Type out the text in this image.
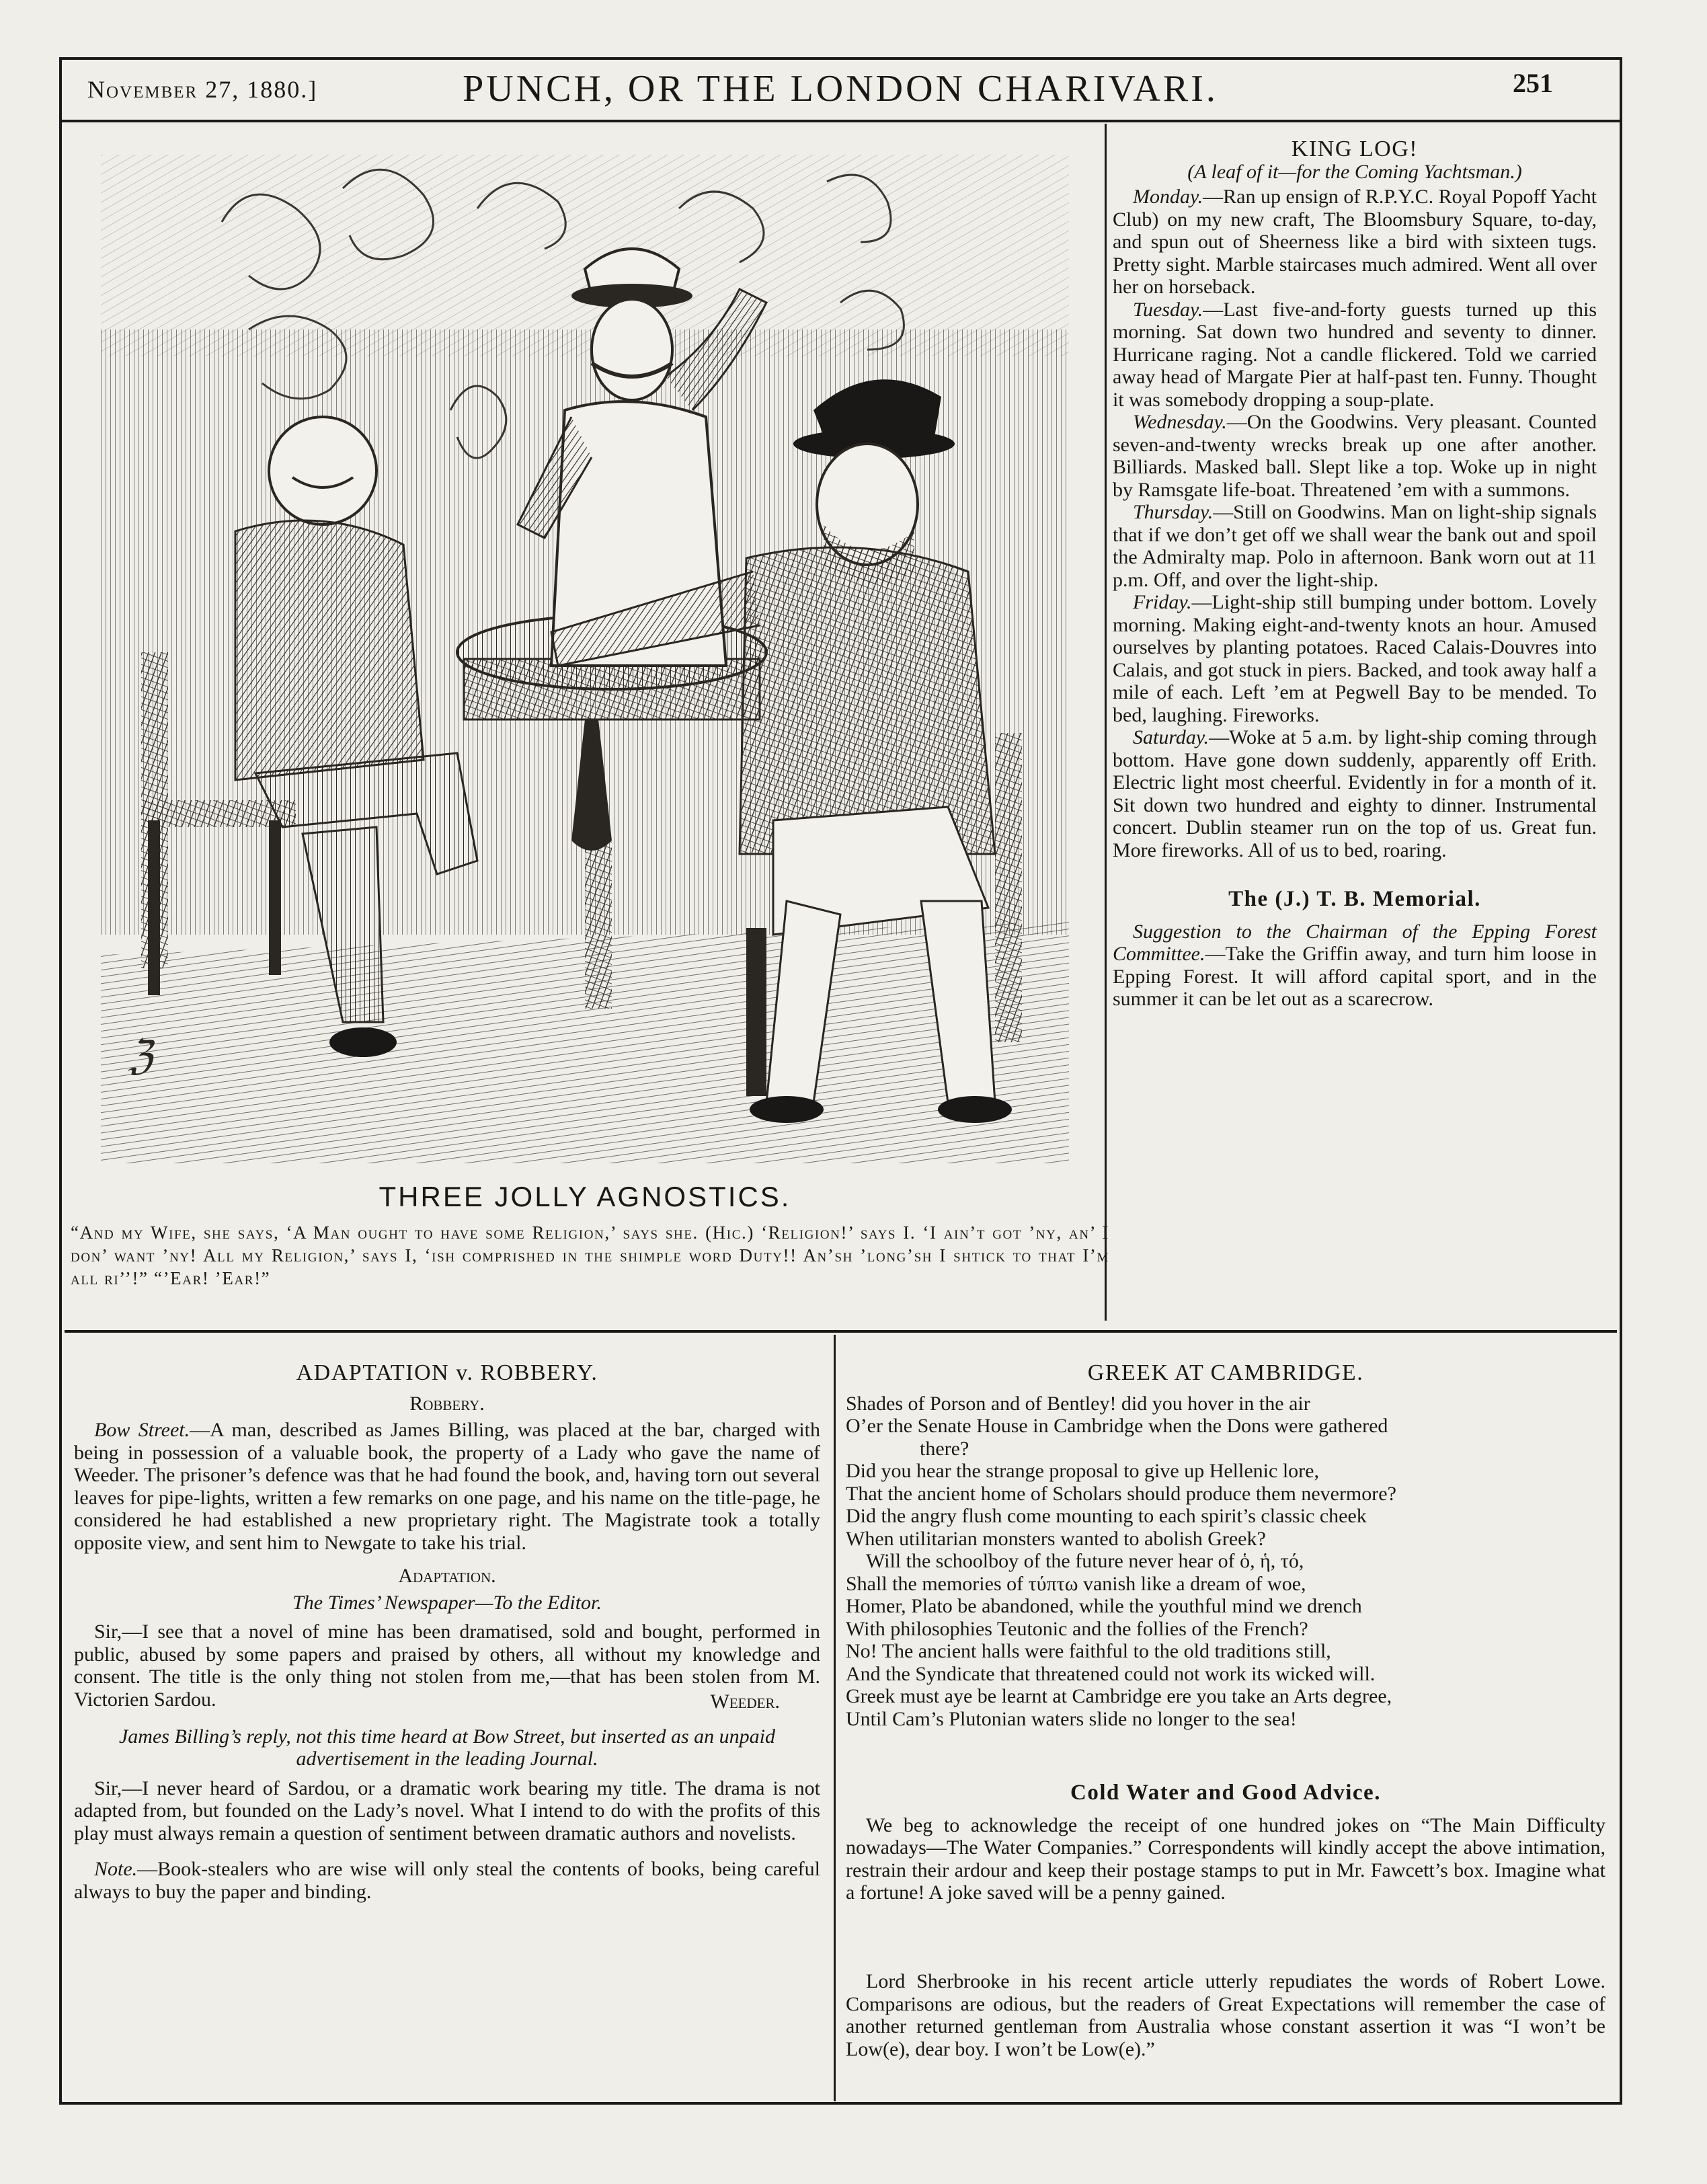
November 27, 1880.]	PUNCH, OR THE LONDON CHARIVARI.	251
ℨ
THREE JOLLY AGNOSTICS.
“And my Wife, she says, ‘A Man ought to have some Religion,’ says she. (Hic.) ‘Religion!’ says I. ‘I ain’t got ’ny, an’ I don’ want ’ny! All my Religion,’ says I, ‘ish comprished in the shimple word Duty!! An’sh ’long’sh I shtick to that I’m all ri’’!” “’Ear! ’Ear!”

KING LOG!

(A leaf of it—for the Coming Yachtsman.)

Monday.—Ran up ensign of R.P.Y.C. Royal Popoff Yacht Club) on my new craft, The Bloomsbury Square, to-day, and spun out of Sheerness like a bird with sixteen tugs. Pretty sight. Marble staircases much admired. Went all over her on horseback.

Tuesday.—Last five-and-forty guests turned up this morning. Sat down two hundred and seventy to dinner. Hurricane raging. Not a candle flickered. Told we carried away head of Margate Pier at half-past ten. Funny. Thought it was somebody dropping a soup-plate.

Wednesday.—On the Goodwins. Very pleasant. Counted seven-and-twenty wrecks break up one after another. Billiards. Masked ball. Slept like a top. Woke up in night by Ramsgate life-boat. Threatened ’em with a summons.

Thursday.—Still on Goodwins. Man on light-ship signals that if we don’t get off we shall wear the bank out and spoil the Admiralty map. Polo in afternoon. Bank worn out at 11 p.m. Off, and over the light-ship.

Friday.—Light-ship still bumping under bottom. Lovely morning. Making eight-and-twenty knots an hour. Amused ourselves by planting potatoes. Raced Calais-Douvres into Calais, and got stuck in piers. Backed, and took away half a mile of each. Left ’em at Pegwell Bay to be mended. To bed, laughing. Fireworks.

Saturday.—Woke at 5 a.m. by light-ship coming through bottom. Have gone down suddenly, apparently off Erith. Electric light most cheerful. Evidently in for a month of it. Sit down two hundred and eighty to dinner. Instrumental concert. Dublin steamer run on the top of us. Great fun. More fireworks. All of us to bed, roaring.

The (J.) T. B. Memorial.

Suggestion to the Chairman of the Epping Forest Committee.—Take the Griffin away, and turn him loose in Epping Forest. It will afford capital sport, and in the summer it can be let out as a scarecrow.

ADAPTATION v. ROBBERY.

Robbery.

Bow Street.—A man, described as James Billing, was placed at the bar, charged with being in possession of a valuable book, the property of a Lady who gave the name of Weeder. The prisoner’s defence was that he had found the book, and, having torn out several leaves for pipe-lights, written a few remarks on one page, and his name on the title-page, he considered he had established a new proprietary right. The Magistrate took a totally opposite view, and sent him to Newgate to take his trial.

Adaptation.

The Times’ Newspaper—To the Editor.

Sir,—I see that a novel of mine has been dramatised, sold and bought, performed in public, abused by some papers and praised by others, all without my knowledge and consent. The title is the only thing not stolen from me,—that has been stolen from M. Victorien Sardou.	Weeder.

James Billing’s reply, not this time heard at Bow Street, but inserted as an unpaid advertisement in the leading Journal.

Sir,—I never heard of Sardou, or a dramatic work bearing my title. The drama is not adapted from, but founded on the Lady’s novel. What I intend to do with the profits of this play must always remain a question of sentiment between dramatic authors and novelists.

Note.—Book-stealers who are wise will only steal the contents of books, being careful always to buy the paper and binding.

GREEK AT CAMBRIDGE.

Shades of Porson and of Bentley! did you hover in the air

O’er the Senate House in Cambridge when the Dons were gathered

there?

Did you hear the strange proposal to give up Hellenic lore,

That the ancient home of Scholars should produce them nevermore?

Did the angry flush come mounting to each spirit’s classic cheek

When utilitarian monsters wanted to abolish Greek?

Will the schoolboy of the future never hear of ὁ, ἡ, τό,

Shall the memories of τύπτω vanish like a dream of woe,

Homer, Plato be abandoned, while the youthful mind we drench

With philosophies Teutonic and the follies of the French?

No! The ancient halls were faithful to the old traditions still,

And the Syndicate that threatened could not work its wicked will.

Greek must aye be learnt at Cambridge ere you take an Arts degree,

Until Cam’s Plutonian waters slide no longer to the sea!

Cold Water and Good Advice.

We beg to acknowledge the receipt of one hundred jokes on “The Main Difficulty nowadays—The Water Companies.” Correspondents will kindly accept the above intimation, restrain their ardour and keep their postage stamps to put in Mr. Fawcett’s box. Imagine what a fortune! A joke saved will be a penny gained.

Lord Sherbrooke in his recent article utterly repudiates the words of Robert Lowe. Comparisons are odious, but the readers of Great Expectations will remember the case of another returned gentleman from Australia whose constant assertion it was “I won’t be Low(e), dear boy. I won’t be Low(e).”
